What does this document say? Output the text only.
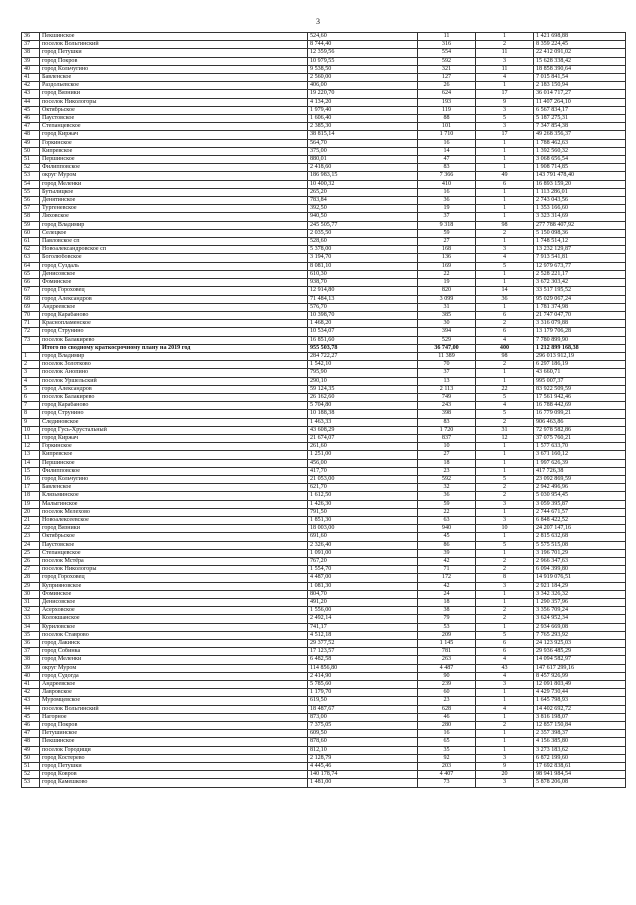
3
36	Пекшинское	524,60	11	1	1 421 698,88
37	поселок Вольгинский	8 744,40	316	2	8 359 224,45
38	город Петушки	12 359,56	554	11	22 412 091,02
39	город Покров	10 979,55	592	3	15 628 338,42
40	город Кольчугино	9 538,50	321	11	18 858 390,64
41	Бавленское	2 560,00	127	4	7 015 841,54
42	Раздольевское	406,00	26	1	2 183 150,94
43	город Вязники	19 220,70	624	17	36 014 717,27
44	поселок Никологоры	4 134,20	193	9	11 407 264,10
45	Октябрьское	1 979,40	119	3	6 567 834,17
46	Паустовское	1 606,40	88	5	5 187 275,31
47	Степанцевское	2 385,30	101	3	7 347 854,38
48	город Киржач	38 815,14	1 710	17	49 268 356,37
49	Горкинское	564,70	16	1	1 788 462,63
50	Кипревское	375,00	14	1	1 392 560,32
51	Першинское	880,01	47	1	3 068 656,54
52	Филипповское	2 418,60	83	1	1 908 714,85
53	округ Муром	186 983,15	7 366	49	143 791 478,40
54	город Меленки	10 400,32	410	6	16 893 159,20
55	Бутылицкое	265,20	16	1	1 113 286,01
56	Денятинское	783,84	36	1	2 743 043,56
57	Тургеневское	392,50	19	1	1 353 166,60
58	Ляховское	940,50	37	1	3 323 314,69
59	город Владимир	245 505,77	9 318	98	277 788 407,92
60	Селецкое	2 035,50	59	2	5 150 098,36
61	Павловское сп	528,60	27	1	1 748 514,12
62	Новоалександровское сп	5 378,00	168	3	13 232 129,87
63	Боголюбовское	3 194,70	136	4	7 913 541,81
64	город Суздаль	8 081,10	169	5	12 979 673,77
65	Денисовское	610,30	22	1	2 528 221,17
66	Фоминское	938,70	19	1	3 672 303,42
67	город Гороховец	12 914,80	820	14	33 517 195,52
68	город Александров	71 484,13	3 099	36	95 029 067,24
69	Андреевское	576,70	31	1	1 781 374,98
70	город Карабаново	10 398,70	385	6	21 747 047,70
71	Краснопламенское	1 468,20	30	2	3 316 079,88
72	город Струнино	10 534,07	394	6	13 179 706,28
73	поселок Балакирево	16 851,60	529	4	7 780 899,90
	Итого по сводному краткосрочному плану на 2019 год	955 503,78	36 747,00	400	1 212 899 168,38
1	город Владимир	284 722,27	11 389	98	296 013 912,19
2	поселок Золотково	1 542,10	70	2	6 297 186,19
3	поселок Анопино	795,90	37	1	43 660,71
4	поселок Уршельский	290,10	13	1	995 007,37
5	город Александров	59 124,35	2 113	22	83 922 509,59
6	поселок Балакирево	26 162,60	749	5	17 561 942,46
7	город Карабаново	5 704,80	243	4	16 788 442,69
8	город Струнино	10 188,38	398	5	16 779 099,21
9	Слединовское	1 463,33	83	2	906 463,86
10	город Гусь-Хрустальный	43 608,29	1 720	31	72 978 582,86
11	город Киржач	21 674,07	837	12	37 075 760,21
12	Горкинское	261,60	10	1	1 577 633,70
13	Кипревское	1 251,00	27	1	3 671 160,12
14	Першинское	456,00	18	1	1 997 626,39
15	Филипповское	417,70	23	1	417 726,38
16	город Кольчугино	21 053,00	592	5	23 092 869,59
17	Бавленское	621,70	32	2	2 942 496,96
18	Клязьминское	1 612,50	36	2	5 030 954,45
19	Малыгинское	1 426,30	59	3	3 059 395,87
20	поселок Мелехово	791,50	22	1	2 744 671,57
21	Новоалексеевское	1 851,30	63	3	6 848 422,52
22	город Вязники	18 003,00	940	10	24 207 147,16
23	Октябрьское	691,60	45	1	2 815 632,68
24	Паустовское	2 326,40	86	5	5 575 515,08
25	Степанцевское	1 091,00	39	1	3 196 701,29
26	поселок Мстёра	767,20	42	2	2 966 347,63
27	поселок Никологоры	1 554,70	71	2	6 094 399,80
28	город Гороховец	4 487,00	172	8	14 919 076,51
29	Куприяновское	1 081,30	42	3	2 921 184,29
30	Фоминское	804,70	24	1	3 342 326,32
31	Денисовское	491,20	18	1	1 290 357,96
32	Асерховское	1 556,00	38	2	3 356 709,24
33	Колокшанское	2 492,14	79	2	3 624 952,34
34	Куриловское	741,17	53	1	2 934 669,08
35	поселок Ставрово	4 512,18	209	5	7 765 293,92
36	город Лакинск	29 377,52	1 145	6	24 123 925,03
37	город Собинка	17 123,57	781	6	29 936 485,29
38	город Меленки	6 482,58	263	4	14 094 582,97
39	округ Муром	114 856,80	4 487	43	147 617 299,16
40	город Судогда	2 414,90	90	4	8 457 926,99
41	Андреевское	5 785,60	239	3	12 091 803,49
42	Лавровское	1 179,70	60	1	4 429 730,44
43	Муромцевское	619,50	23	1	1 645 798,93
44	поселок Вольгинский	18 487,67	628	4	14 402 692,72
45	Нагорное	873,00	46	1	3 816 198,07
46	город Покров	7 375,05	280	2	12 857 150,84
47	Петушинское	609,50	16	1	2 357 398,37
48	Пекшинское	878,60	65	1	4 156 385,80
49	поселок Городищи	812,10	35	1	3 273 183,62
50	город Костерево	2 128,79	92	3	6 872 199,60
51	город Петушки	4 445,46	203	9	17 692 838,61
52	город Ковров	140 178,74	4 407	20	98 941 984,54
53	город Камешково	1 481,00	73	3	5 878 206,08
